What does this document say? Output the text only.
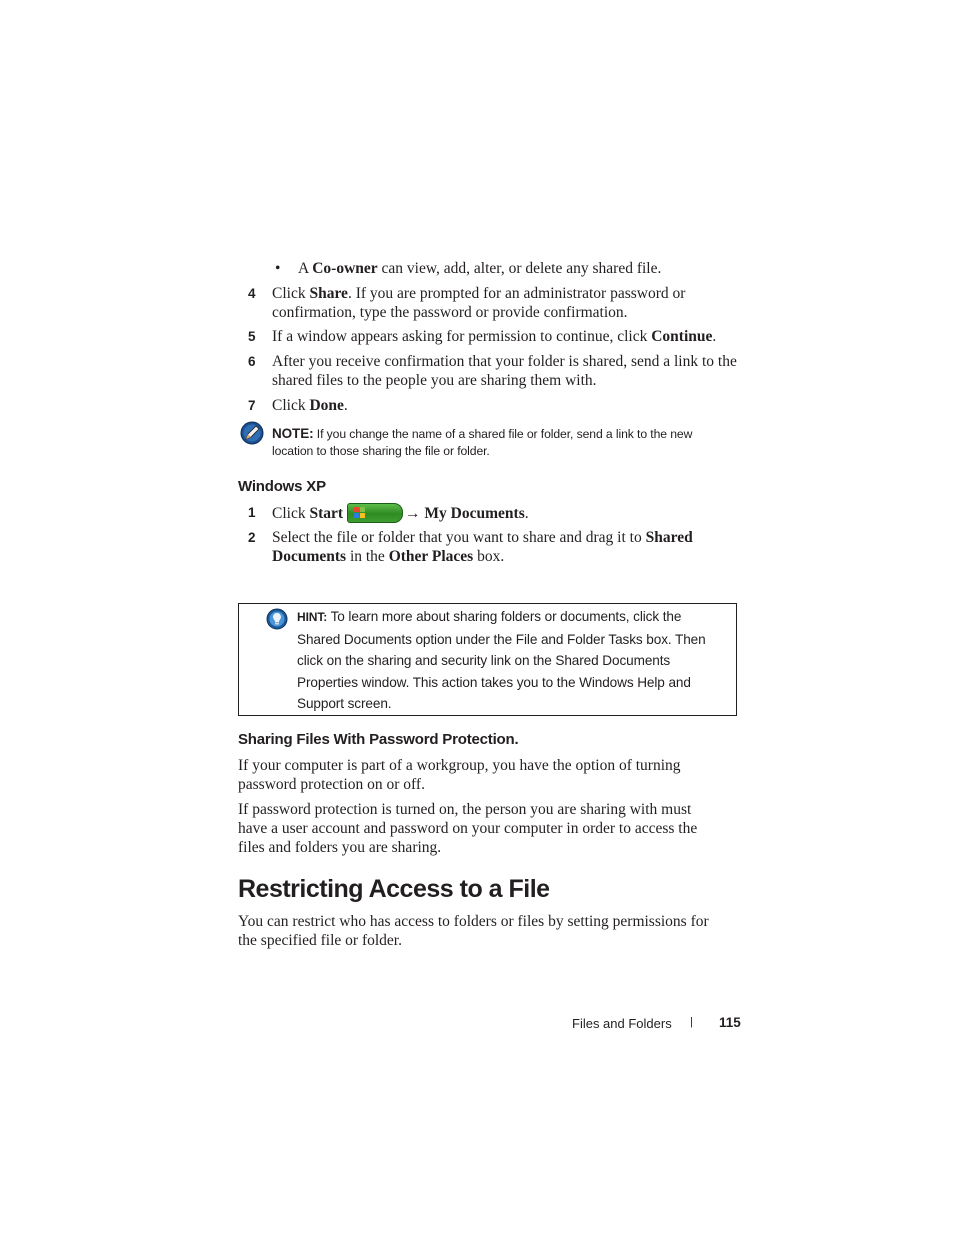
• A Co-owner can view, add, alter, or delete any shared file.
4 Click Share. If you are prompted for an administrator password or
confirmation, type the password or provide confirmation.
5 If a window appears asking for permission to continue, click Continue.
6 After you receive confirmation that your folder is shared, send a link to the
shared files to the people you are sharing them with.
7 Click Done.
NOTE: If you change the name of a shared file or folder, send a link to the new
location to those sharing the file or folder.
Windows XP
1 Click Start	→ My Documents.
2 Select the file or folder that you want to share and drag it to Shared
Documents in the Other Places box.
HINT: To learn more about sharing folders or documents, click the
Shared Documents option under the File and Folder Tasks box. Then
click on the sharing and security link on the Shared Documents
Properties window. This action takes you to the Windows Help and
Support screen.
Sharing Files With Password Protection.
If your computer is part of a workgroup, you have the option of turning
password protection on or off.
If password protection is turned on, the person you are sharing with must
have a user account and password on your computer in order to access the
files and folders you are sharing.
Restricting Access to a File
You can restrict who has access to folders or files by setting permissions for
the specified file or folder.
Files and Folders | 115
